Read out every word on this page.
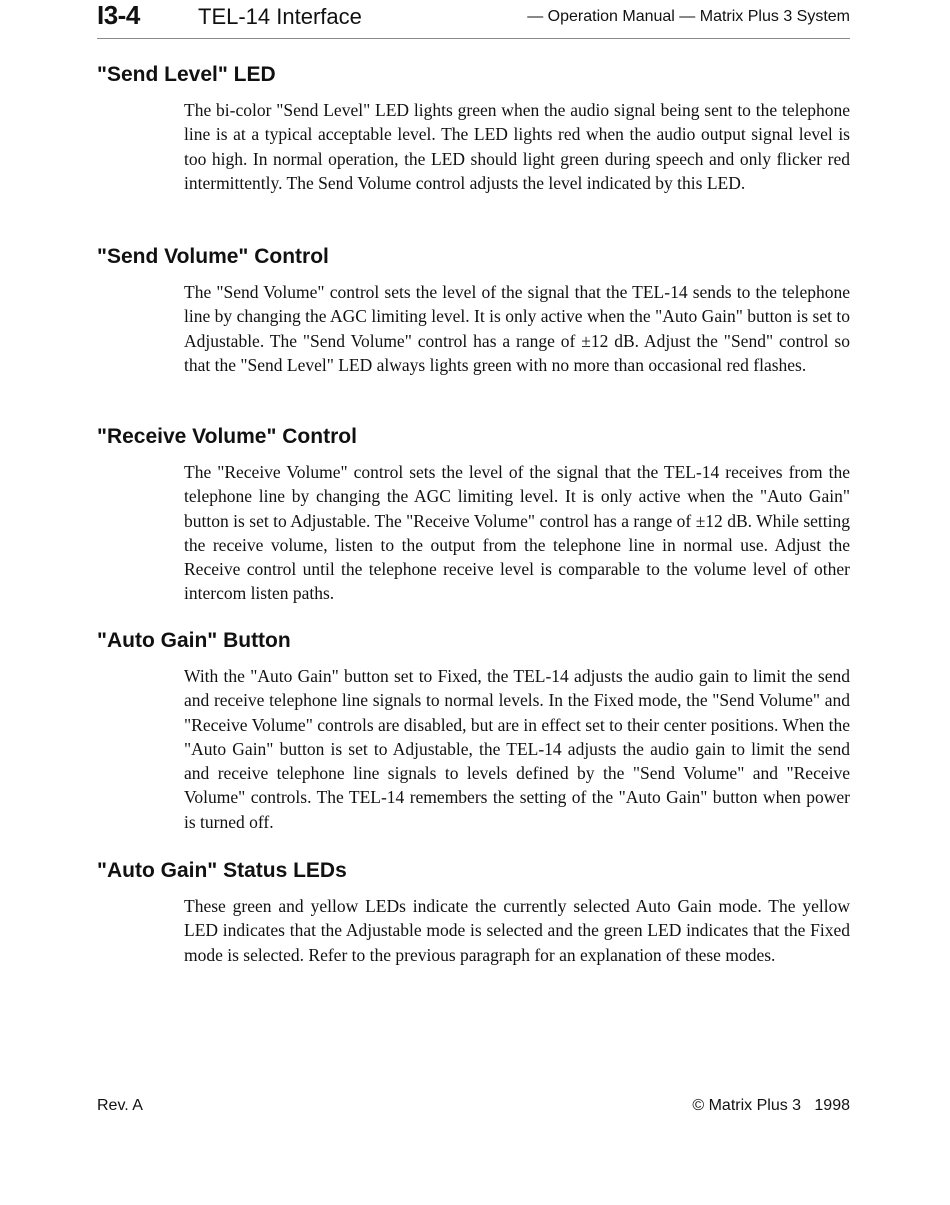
I3-4	TEL-14 Interface	— Operation Manual — Matrix Plus 3 System
"Send Level" LED

The bi-color "Send Level" LED lights green when the audio signal being sent to the telephone line is at a typical acceptable level. The LED lights red when the audio output signal level is too high. In normal operation, the LED should light green during speech and only flicker red intermittently. The Send Volume control adjusts the level indicated by this LED.

"Send Volume" Control

The "Send Volume" control sets the level of the signal that the TEL-14 sends to the telephone line by changing the AGC limiting level. It is only active when the "Auto Gain" button is set to Adjustable. The "Send Volume" control has a range of ±12 dB. Adjust the "Send" control so that the "Send Level" LED always lights green with no more than occasional red flashes.

"Receive Volume" Control

The "Receive Volume" control sets the level of the signal that the TEL-14 receives from the telephone line by changing the AGC limiting level. It is only active when the "Auto Gain" button is set to Adjustable. The "Receive Volume" control has a range of ±12 dB. While setting the receive volume, listen to the output from the telephone line in normal use. Adjust the Receive control until the telephone receive level is comparable to the volume level of other intercom listen paths.

"Auto Gain" Button

With the "Auto Gain" button set to Fixed, the TEL-14 adjusts the audio gain to limit the send and receive telephone line signals to normal levels. In the Fixed mode, the "Send Volume" and "Receive Volume" controls are disabled, but are in effect set to their center positions. When the "Auto Gain" button is set to Adjustable, the TEL-14 adjusts the audio gain to limit the send and receive telephone line signals to levels defined by the "Send Volume" and "Receive Volume" controls. The TEL-14 remembers the setting of the "Auto Gain" button when power is turned off.

"Auto Gain" Status LEDs

These green and yellow LEDs indicate the currently selected Auto Gain mode. The yellow LED indicates that the Adjustable mode is selected and the green LED indicates that the Fixed mode is selected. Refer to the previous paragraph for an explanation of these modes.

Rev. A	© Matrix Plus 3   1998
